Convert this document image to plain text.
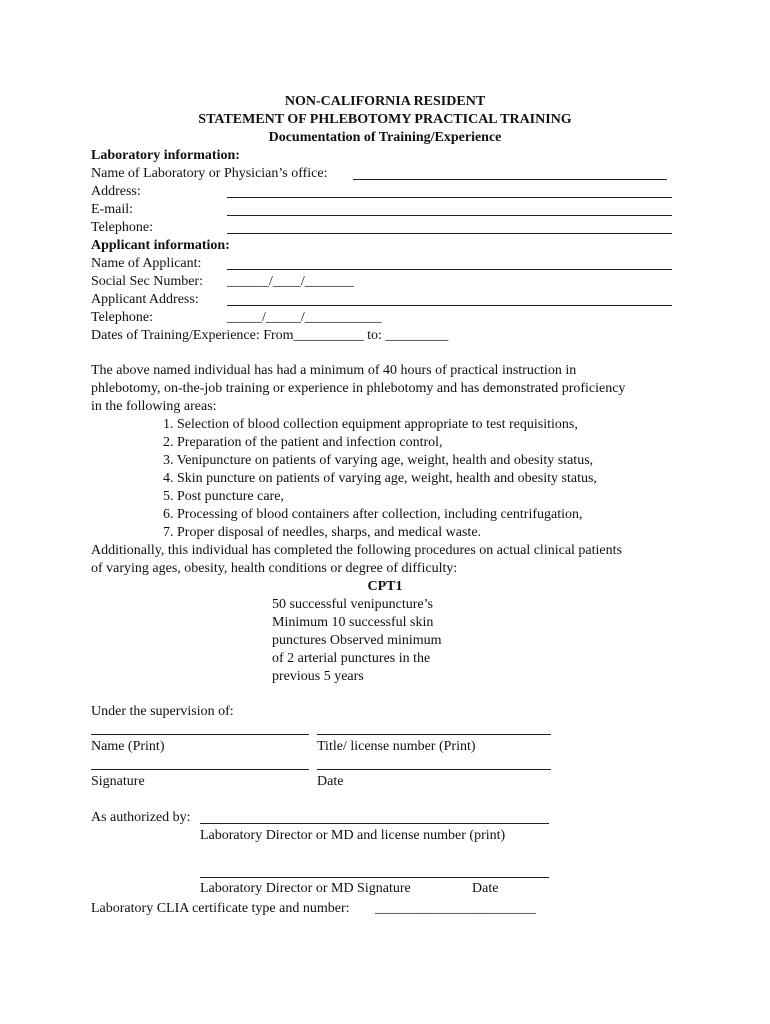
NON-CALIFORNIA RESIDENT
STATEMENT OF PHLEBOTOMY PRACTICAL TRAINING
Documentation of Training/Experience
Laboratory information:
Name of Laboratory or Physician’s office:
Address:
E-mail:
Telephone:
Applicant information:
Name of Applicant:
Social Sec Number: ______/____/_______
Applicant Address:
Telephone:	_____/_____/___________
Dates of Training/Experience: From__________ to: _________
The above named individual has had a minimum of 40 hours of practical instruction in
phlebotomy, on-the-job training or experience in phlebotomy and has demonstrated proficiency
in the following areas:
1. Selection of blood collection equipment appropriate to test requisitions,
2. Preparation of the patient and infection control,
3. Venipuncture on patients of varying age, weight, health and obesity status,
4. Skin puncture on patients of varying age, weight, health and obesity status,
5. Post puncture care,
6. Processing of blood containers after collection, including centrifugation,
7. Proper disposal of needles, sharps, and medical waste.
Additionally, this individual has completed the following procedures on actual clinical patients
of varying ages, obesity, health conditions or degree of difficulty:
CPT1
50 successful venipuncture’s
Minimum 10 successful skin
punctures Observed minimum
of 2 arterial punctures in the
previous 5 years
Under the supervision of:
Name (Print)	Title/ license number (Print)
Signature	Date
As authorized by:
Laboratory Director or MD and license number (print)
Laboratory Director or MD Signature	Date
Laboratory CLIA certificate type and number: _______________________
